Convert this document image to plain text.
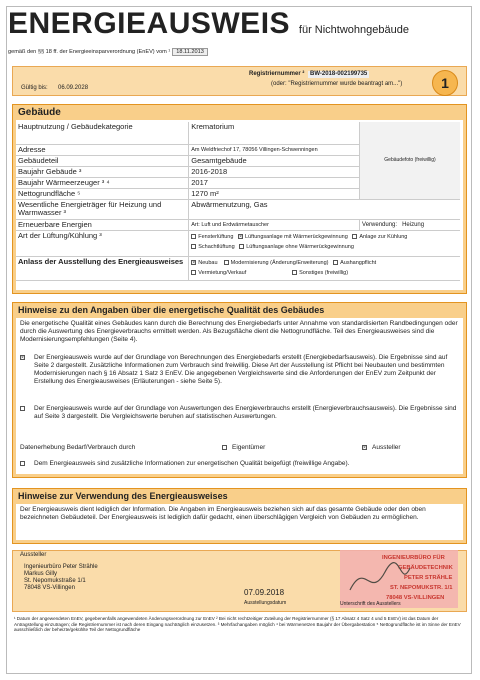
ENERGIEAUSWEIS für Nichtwohngebäude
gemäß den §§ 18 ff. der Energieeinsparverordnung (EnEV) vom ¹ 18.11.2013
Registriernummer ² BW-2018-002199735
(oder: "Registriernummer wurde beantragt am...")
Gültig bis: 06.09.2028	1
Gebäude
Hauptnutzung / Gebäudekategorie	Krematorium	Gebäudefoto (freiwillig)
Adresse	Am Weldfriechof 17, 78056 Villingen-Schwenningen	
Gebäudeteil	Gesamtgebäude	
Baujahr Gebäude ³	2016-2018	
Baujahr Wärmeerzeuger ³ ⁴	2017	
Nettogrundfläche ⁵	1270 m²	
Wesentliche Energieträger für Heizung und Warmwasser ³	Abwärmenutzung, Gas	
Erneuerbare Energien	Art: Luft und Erdwärmetauscher	Verwendung: Heizung
Art der Lüftung/Kühlung ³	Fensterlüftung × Lüftungsanlage mit Wärmerückgewinnung Anlage zur Kühlung
Schachtlüftung Lüftungsanlage ohne Wärmerückgewinnung	
Anlass der Ausstellung des Energieausweises	× Neubau Modernisierung (Änderung/Erweiterung) Aushangpflicht
Vermietung/Verkauf Sonstiges (freiwillig)	
Hinweise zu den Angaben über die energetische Qualität des Gebäudes
Die energetische Qualität eines Gebäudes kann durch die Berechnung des Energiebedarfs unter Annahme von standardisierten Randbedingungen oder durch die Auswertung des Energieverbrauchs ermittelt werden. Als Bezugsfläche dient die Nettogrundfläche. Teil des Energieausweises sind die Modernisierungsempfehlungen (Seite 4).
× Der Energieausweis wurde auf der Grundlage von Berechnungen des Energiebedarfs erstellt (Energiebedarfsausweis). Die Ergebnisse sind auf Seite 2 dargestellt. Zusätzliche Informationen zum Verbrauch sind freiwillig. Diese Art der Ausstellung ist Pflicht bei Neubauten und bestimmten Modernisierungen nach § 16 Absatz 1 Satz 3 EnEV. Die angegebenen Vergleichswerte sind die Anforderungen der EnEV zum Zeitpunkt der Erstellung des Energieausweises (Erläuterungen - siehe Seite 5).
Der Energieausweis wurde auf der Grundlage von Auswertungen des Energieverbrauchs erstellt (Energieverbrauchsausweis). Die Ergebnisse sind auf Seite 3 dargestellt. Die Vergleichswerte beruhen auf statistischen Auswertungen.
Datenerhebung Bedarf/Verbrauch durch	Eigentümer	× Aussteller
Dem Energieausweis sind zusätzliche Informationen zur energetischen Qualität beigefügt (freiwillige Angabe).
Hinweise zur Verwendung des Energieausweises
Der Energieausweis dient lediglich der Information. Die Angaben im Energieausweis beziehen sich auf das gesamte Gebäude oder den oben bezeichneten Gebäudeteil. Der Energieausweis ist lediglich dafür gedacht, einen überschlägigen Vergleich von Gebäuden zu ermöglichen.
Aussteller
Ingenieurbüro Peter Strähle
Markus Gilly
St. Nepomukstraße 1/1
78048 VS-Villingen	07.09.2018
Ausstellungsdatum
INGENIEURBÜRO FÜR
GEBÄUDETECHNIK
PETER STRÄHLE
ST. NEPOMUKSTR. 1/1
78048 VS-VILLINGEN
Unterschrift des Ausstellers
¹ Datum der angewendeten EnEV, gegebenenfalls angewendeten Änderungsverordnung zur EnEV ² Bei nicht rechtzeitiger Zuteilung der Registriernummer (§ 17 Absatz 4 Satz 4 und 5 EnEV) ist das Datum der Antragstellung einzutragen; die Registriernummer ist nach deren Eingang nachträglich einzusetzen. ³ Mehrfachangaben möglich ⁴ bei Wärmenetzen Baujahr der Übergabestation ⁵ Nettogrundfläche ist im Sinne der EnEV ausschließlich der beheizte/gekühlte Teil der Nettogrundfläche
